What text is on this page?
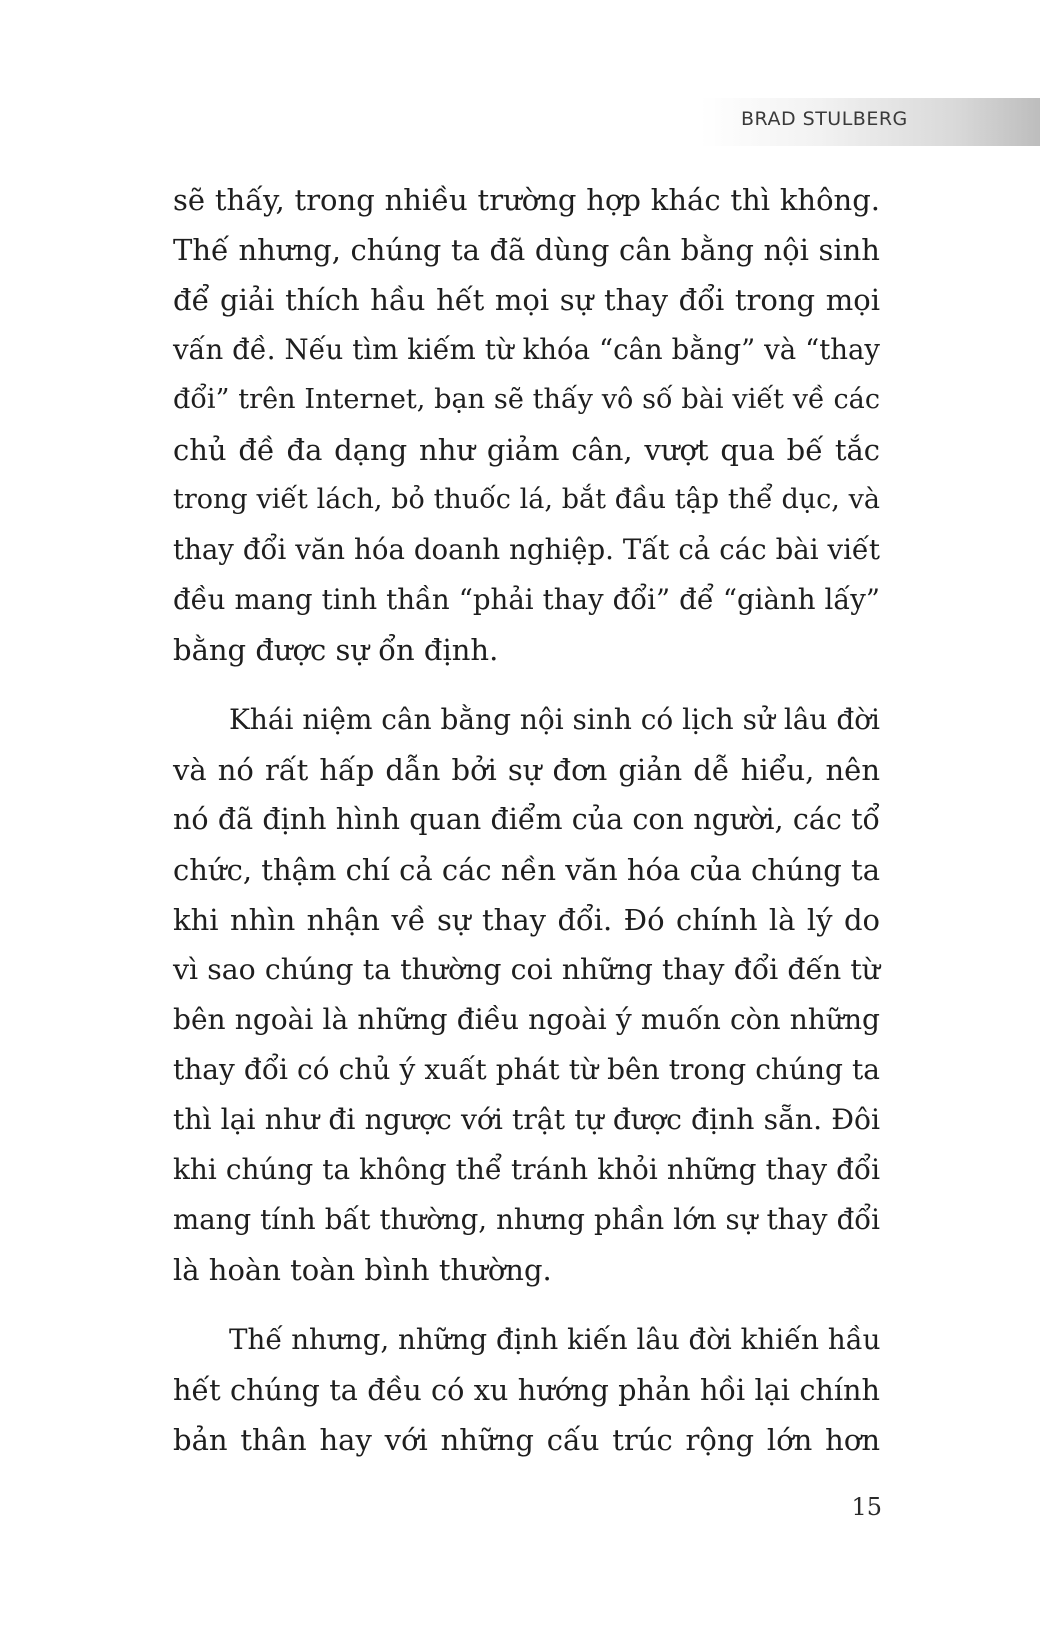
BRAD STULBERG
sẽ thấy, trong nhiều trường hợp khác thì không.
Thế nhưng, chúng ta đã dùng cân bằng nội sinh
để giải thích hầu hết mọi sự thay đổi trong mọi
vấn đề. Nếu tìm kiếm từ khóa “cân bằng” và “thay
đổi” trên Internet, bạn sẽ thấy vô số bài viết về các
chủ đề đa dạng như giảm cân, vượt qua bế tắc
trong viết lách, bỏ thuốc lá, bắt đầu tập thể dục, và
thay đổi văn hóa doanh nghiệp. Tất cả các bài viết
đều mang tinh thần “phải thay đổi” để “giành lấy”
bằng được sự ổn định.
Khái niệm cân bằng nội sinh có lịch sử lâu đời
và nó rất hấp dẫn bởi sự đơn giản dễ hiểu, nên
nó đã định hình quan điểm của con người, các tổ
chức, thậm chí cả các nền văn hóa của chúng ta
khi nhìn nhận về sự thay đổi. Đó chính là lý do
vì sao chúng ta thường coi những thay đổi đến từ
bên ngoài là những điều ngoài ý muốn còn những
thay đổi có chủ ý xuất phát từ bên trong chúng ta
thì lại như đi ngược với trật tự được định sẵn. Đôi
khi chúng ta không thể tránh khỏi những thay đổi
mang tính bất thường, nhưng phần lớn sự thay đổi
là hoàn toàn bình thường.
Thế nhưng, những định kiến lâu đời khiến hầu
hết chúng ta đều có xu hướng phản hồi lại chính
bản thân hay với những cấu trúc rộng lớn hơn
15
